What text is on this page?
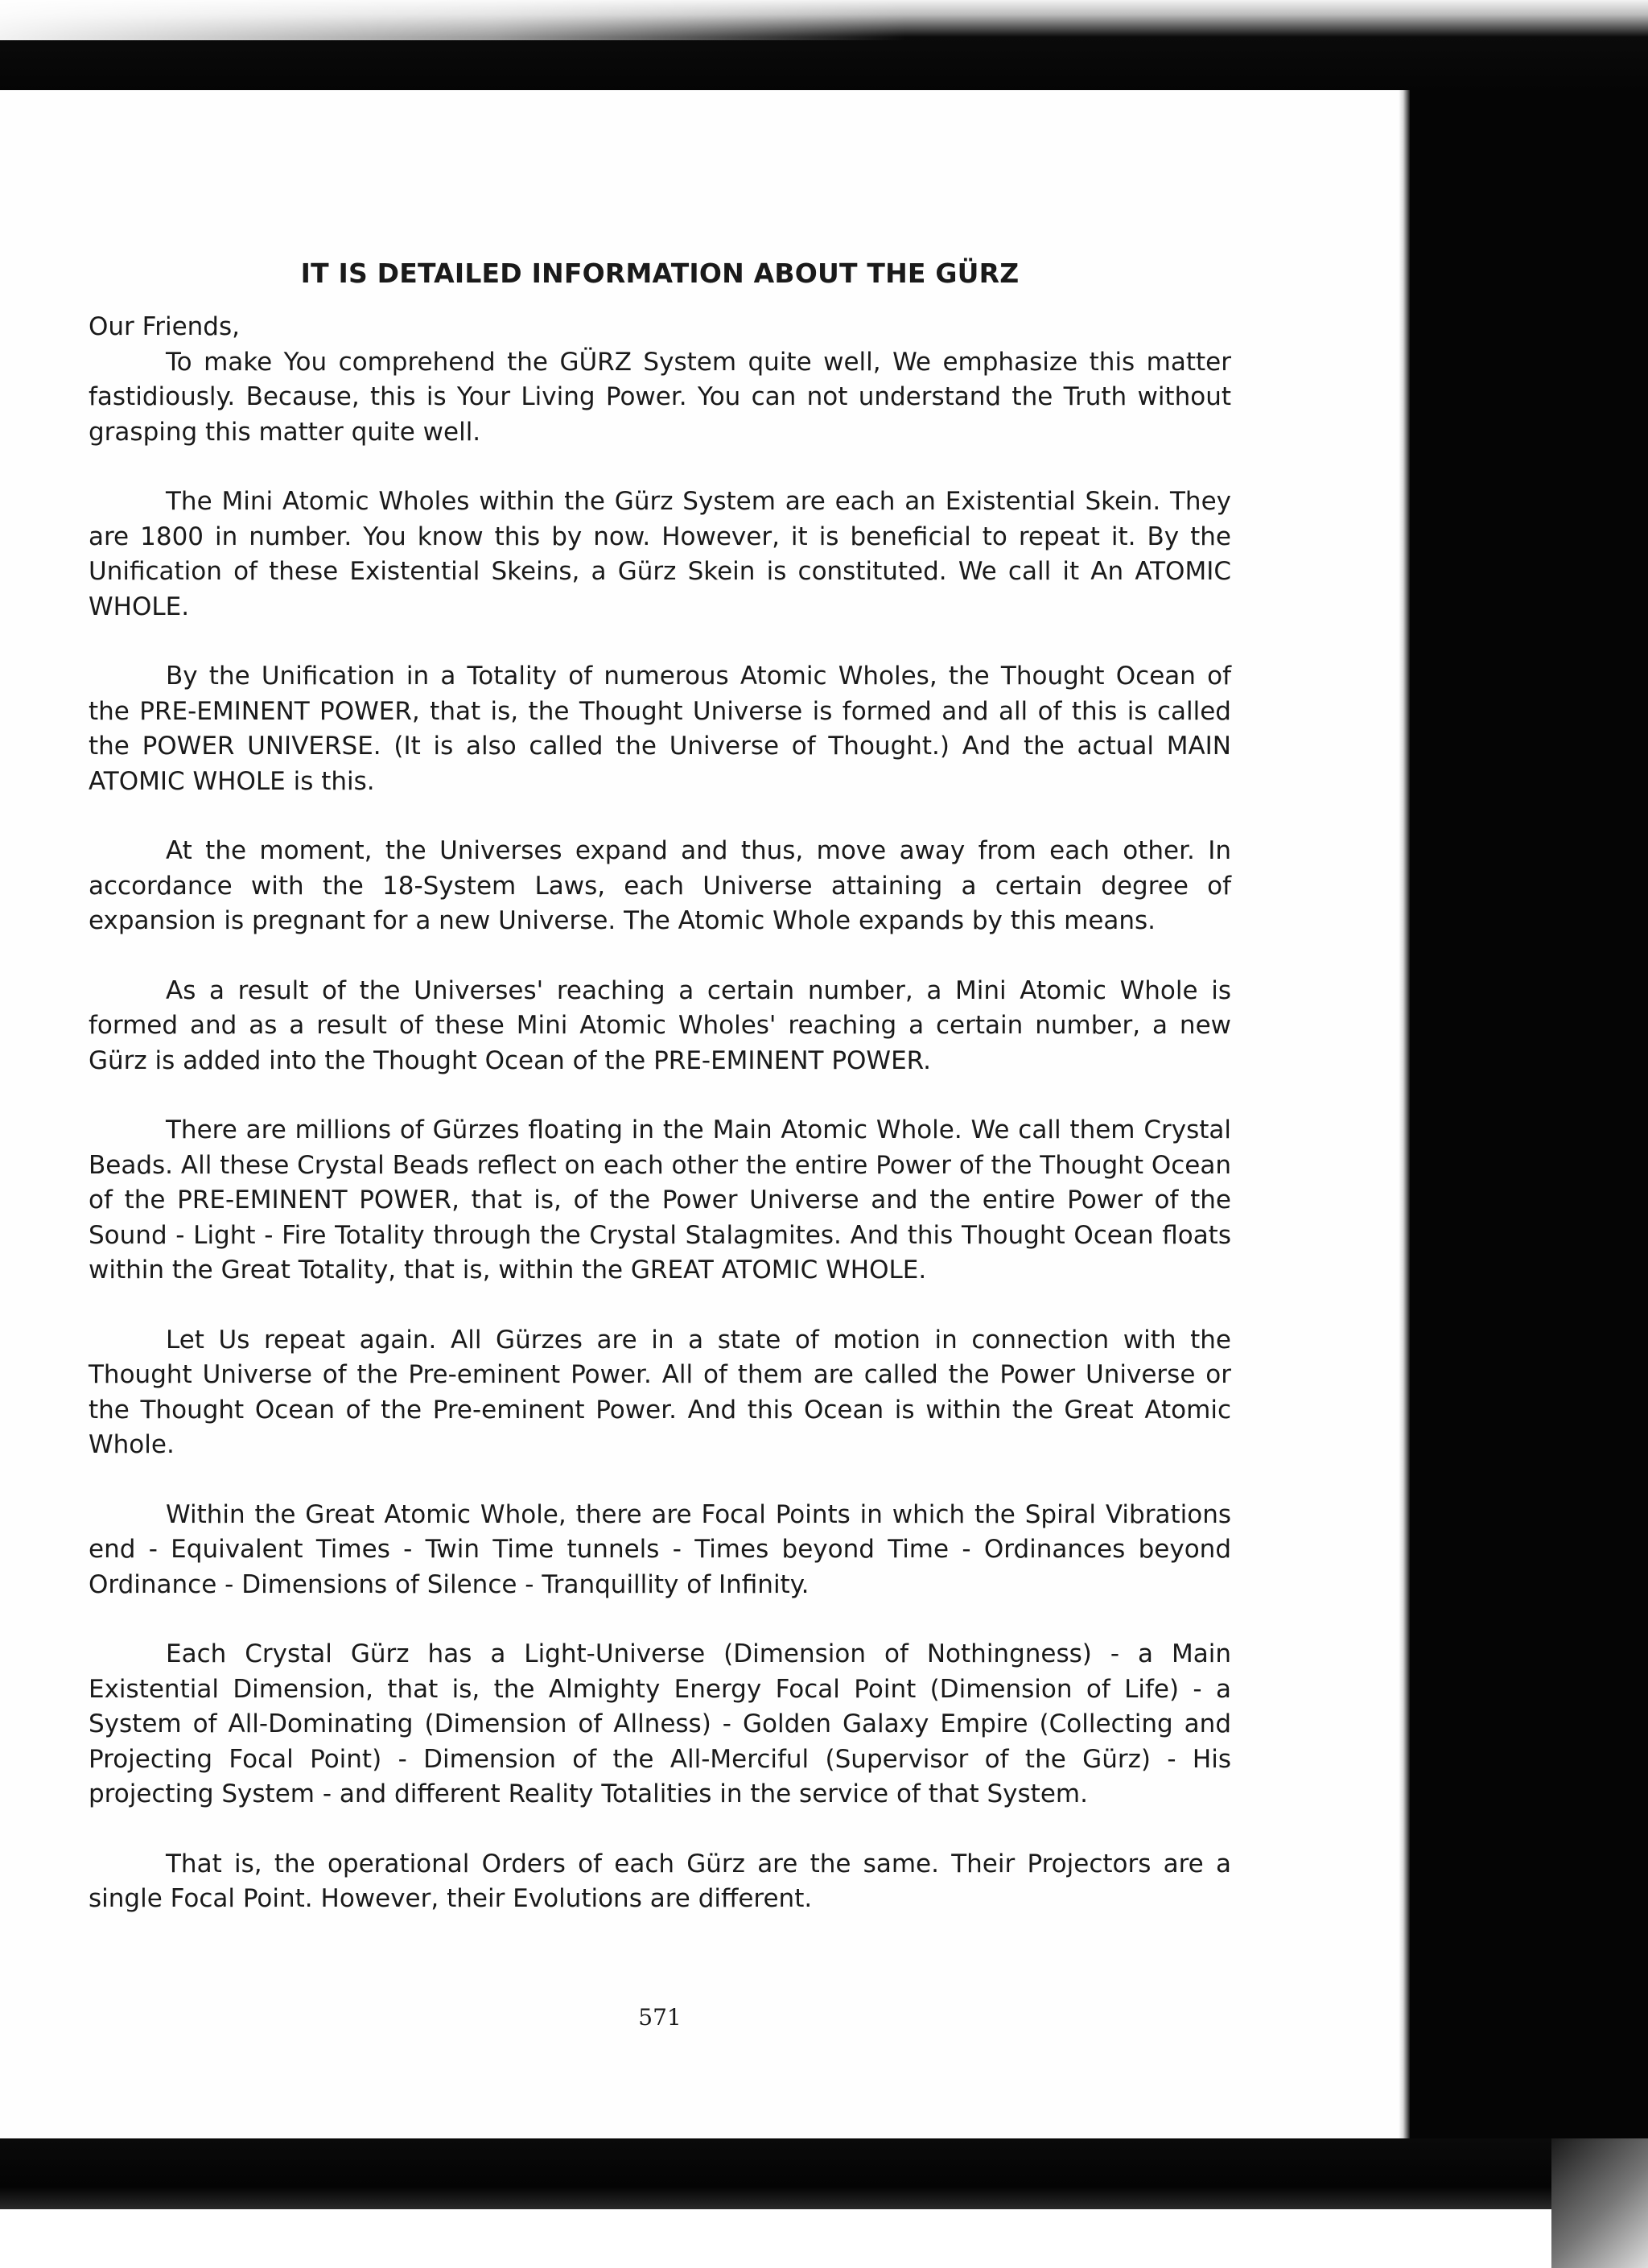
IT IS DETAILED INFORMATION ABOUT THE GÜRZ

Our Friends,

To make You comprehend the GÜRZ System quite well, We emphasize this matter fastidiously. Because, this is Your Living Power. You can not understand the Truth without grasping this matter quite well.

The Mini Atomic Wholes within the Gürz System are each an Existential Skein. They are 1800 in number. You know this by now. However, it is beneficial to repeat it. By the Unification of these Existential Skeins, a Gürz Skein is constituted. We call it An ATOMIC WHOLE.

By the Unification in a Totality of numerous Atomic Wholes, the Thought Ocean of the PRE-EMINENT POWER, that is, the Thought Universe is formed and all of this is called the POWER UNIVERSE. (It is also called the Universe of Thought.) And the actual MAIN ATOMIC WHOLE is this.

At the moment, the Universes expand and thus, move away from each other. In accordance with the 18-System Laws, each Universe attaining a certain degree of expansion is pregnant for a new Universe. The Atomic Whole expands by this means.

As a result of the Universes' reaching a certain number, a Mini Atomic Whole is formed and as a result of these Mini Atomic Wholes' reaching a certain number, a new Gürz is added into the Thought Ocean of the PRE-EMINENT POWER.

There are millions of Gürzes floating in the Main Atomic Whole. We call them Crystal Beads. All these Crystal Beads reflect on each other the entire Power of the Thought Ocean of the PRE-EMINENT POWER, that is, of the Power Universe and the entire Power of the Sound - Light - Fire Totality through the Crystal Stalagmites. And this Thought Ocean floats within the Great Totality, that is, within the GREAT ATOMIC WHOLE.

Let Us repeat again. All Gürzes are in a state of motion in connection with the Thought Universe of the Pre-eminent Power. All of them are called the Power Universe or the Thought Ocean of the Pre-eminent Power. And this Ocean is within the Great Atomic Whole.

Within the Great Atomic Whole, there are Focal Points in which the Spiral Vibrations end - Equivalent Times - Twin Time tunnels - Times beyond Time - Ordinances beyond Ordinance - Dimensions of Silence - Tranquillity of Infinity.

Each Crystal Gürz has a Light-Universe (Dimension of Nothingness) - a Main Existential Dimension, that is, the Almighty Energy Focal Point (Dimension of Life) - a System of All-Dominating (Dimension of Allness) - Golden Galaxy Empire (Collecting and Projecting Focal Point) - Dimension of the All-Merciful (Supervisor of the Gürz) - His projecting System - and different Reality Totalities in the service of that System.

That is, the operational Orders of each Gürz are the same. Their Projectors are a single Focal Point. However, their Evolutions are different.

571
